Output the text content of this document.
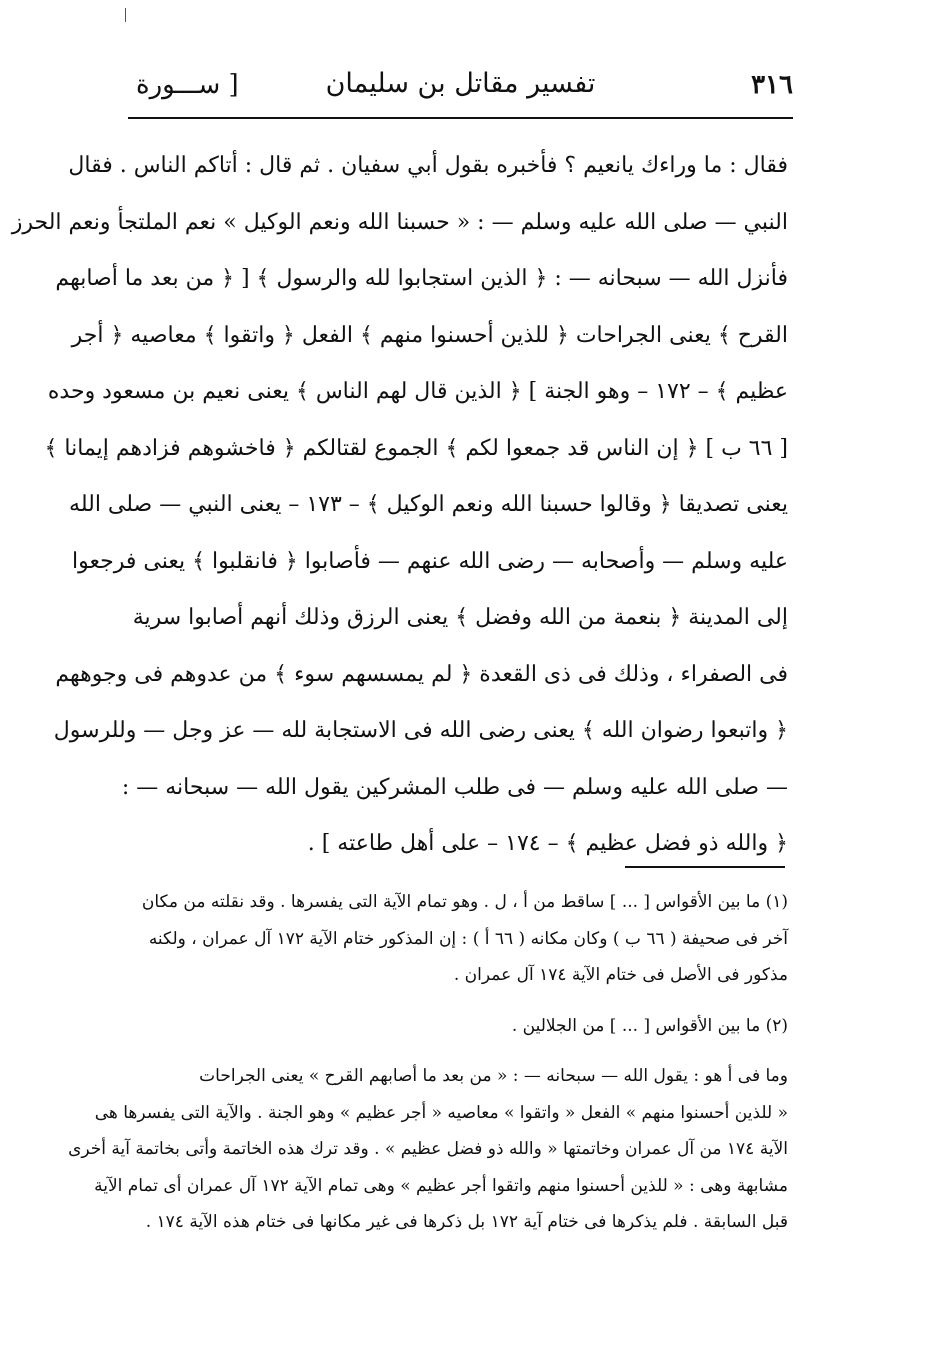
٣١٦
تفسير مقاتل بن سليمان
[ ســـورة
فقال : ما وراءك يانعيم ؟ فأخبره بقول أبي سفيان . ثم قال : أتاكم الناس . فقال
النبي — صلى الله عليه وسلم — : « حسبنا الله ونعم الوكيل » نعم الملتجأ ونعم الحرز
فأنزل الله — سبحانه — : ﴿ الذين استجابوا لله والرسول ﴾ [ ﴿ من بعد ما أصابهم
القرح ﴾ يعنى الجراحات ﴿ للذين أحسنوا منهم ﴾ الفعل ﴿ واتقوا ﴾ معاصيه ﴿ أجر
عظيم ﴾ – ١٧٢ – وهو الجنة ] ﴿ الذين قال لهم الناس ﴾ يعنى نعيم بن مسعود وحده
[ ٦٦ ب ] ﴿ إن الناس قد جمعوا لكم ﴾ الجموع لقتالكم ﴿ فاخشوهم فزادهم إيمانا ﴾
يعنى تصديقا ﴿ وقالوا حسبنا الله ونعم الوكيل ﴾ – ١٧٣ – يعنى النبي — صلى الله
عليه وسلم — وأصحابه — رضى الله عنهم — فأصابوا ﴿ فانقلبوا ﴾ يعنى فرجعوا
إلى المدينة ﴿ بنعمة من الله وفضل ﴾ يعنى الرزق وذلك أنهم أصابوا سرية
فى الصفراء ، وذلك فى ذى القعدة ﴿ لم يمسسهم سوء ﴾ من عدوهم فى وجوههم
﴿ واتبعوا رضوان الله ﴾ يعنى رضى الله فى الاستجابة لله — عز وجل — وللرسول
— صلى الله عليه وسلم — فى طلب المشركين يقول الله — سبحانه — :
﴿ والله ذو فضل عظيم ﴾ – ١٧٤ – على أهل طاعته ] .
(١) ما بين الأقواس [ ... ] ساقط من أ ، ل . وهو تمام الآية التى يفسرها . وقد نقلته من مكان
آخر فى صحيفة ( ٦٦ ب ) وكان مكانه ( ٦٦ أ ) : إن المذكور ختام الآية ١٧٢ آل عمران ، ولكنه
مذكور فى الأصل فى ختام الآية ١٧٤ آل عمران .
(٢) ما بين الأقواس [ ... ] من الجلالين .
وما فى أ هو : يقول الله — سبحانه — : « من بعد ما أصابهم القرح » يعنى الجراحات
« للذين أحسنوا منهم » الفعل « واتقوا » معاصيه « أجر عظيم » وهو الجنة . والآية التى يفسرها هى
الآية ١٧٤ من آل عمران وخاتمتها « والله ذو فضل عظيم » . وقد ترك هذه الخاتمة وأتى بخاتمة آية أخرى
مشابهة وهى : « للذين أحسنوا منهم واتقوا أجر عظيم » وهى تمام الآية ١٧٢ آل عمران أى تمام الآية
قبل السابقة . فلم يذكرها فى ختام آية ١٧٢ بل ذكرها فى غير مكانها فى ختام هذه الآية ١٧٤ .
